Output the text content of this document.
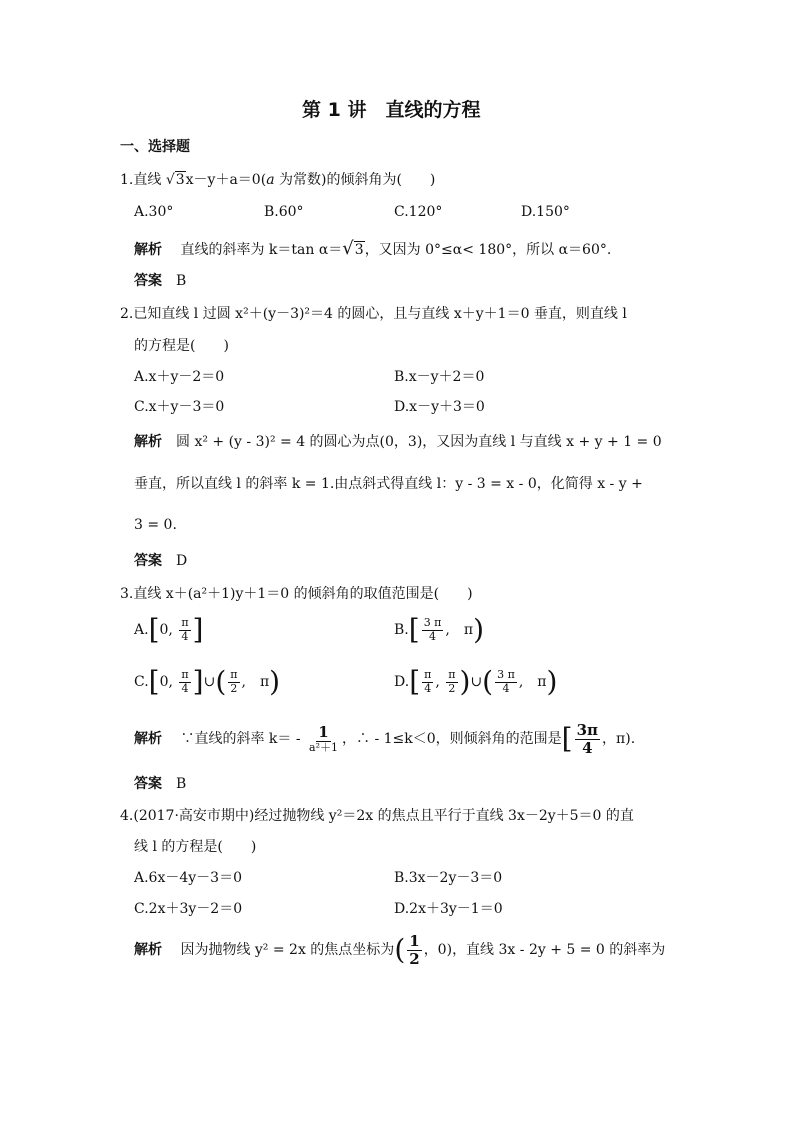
第 1 讲　直线的方程
一、选择题
1.直线 √3x－y＋a＝0(a 为常数)的倾斜角为(　　)
A.30°	B.60°	C.120°	D.150°
解析　 直线的斜率为 k＝tan α＝√3，又因为 0°≤α< 180°，所以 α＝60°.
答案　 B
2.已知直线 l 过圆 x²＋(y－3)²＝4 的圆心，且与直线 x＋y＋1＝0 垂直，则直线 l
的方程是(　　)
A.x＋y－2＝0	B.x－y＋2＝0
C.x＋y－3＝0	D.x－y＋3＝0
解析　 圆 x² + (y - 3)² = 4 的圆心为点(0，3)，又因为直线 l 与直线 x + y + 1 = 0
垂直，所以直线 l 的斜率 k = 1.由点斜式得直线 l：y - 3 = x - 0，化简得 x - y +
3 = 0.
答案　 D
3.直线 x＋(a²＋1)y＋1＝0 的倾斜角的取值范围是(　　)
A.[0, $\frac{\pi}{4}$ ]	$B.[ \frac{3 \pi}{4}$ ,　π)
C.[0, $\frac{\pi}{4}$ ]∪( $\frac{\pi}{2}$ ,　π)	$D.[ \frac{\pi}{4}$ , $\frac{\pi}{2}$ )∪( $\frac{3 \pi}{4}$ ,　π)
解析　 ∵直线的斜率 $k= - \frac{1}{\text{a²＋1}}$ ，∴ - 1≤k＜0，则倾斜角的范围是[ $\frac{3\pi}{4}$ ，π).
答案　 B
4.(2017·高安市期中)经过抛物线 y²＝2x 的焦点且平行于直线 3x－2y＋5＝0 的直
线 l 的方程是(　　)
A.6x－4y－3＝0	B.3x－2y－3＝0
C.2x＋3y－2＝0	D.2x＋3y－1＝0
解析　 因为抛物线 y² = 2x 的焦点坐标为( $\frac{1}{2}$ ，0)，直线 3x - 2y + 5 = 0 的斜率为
